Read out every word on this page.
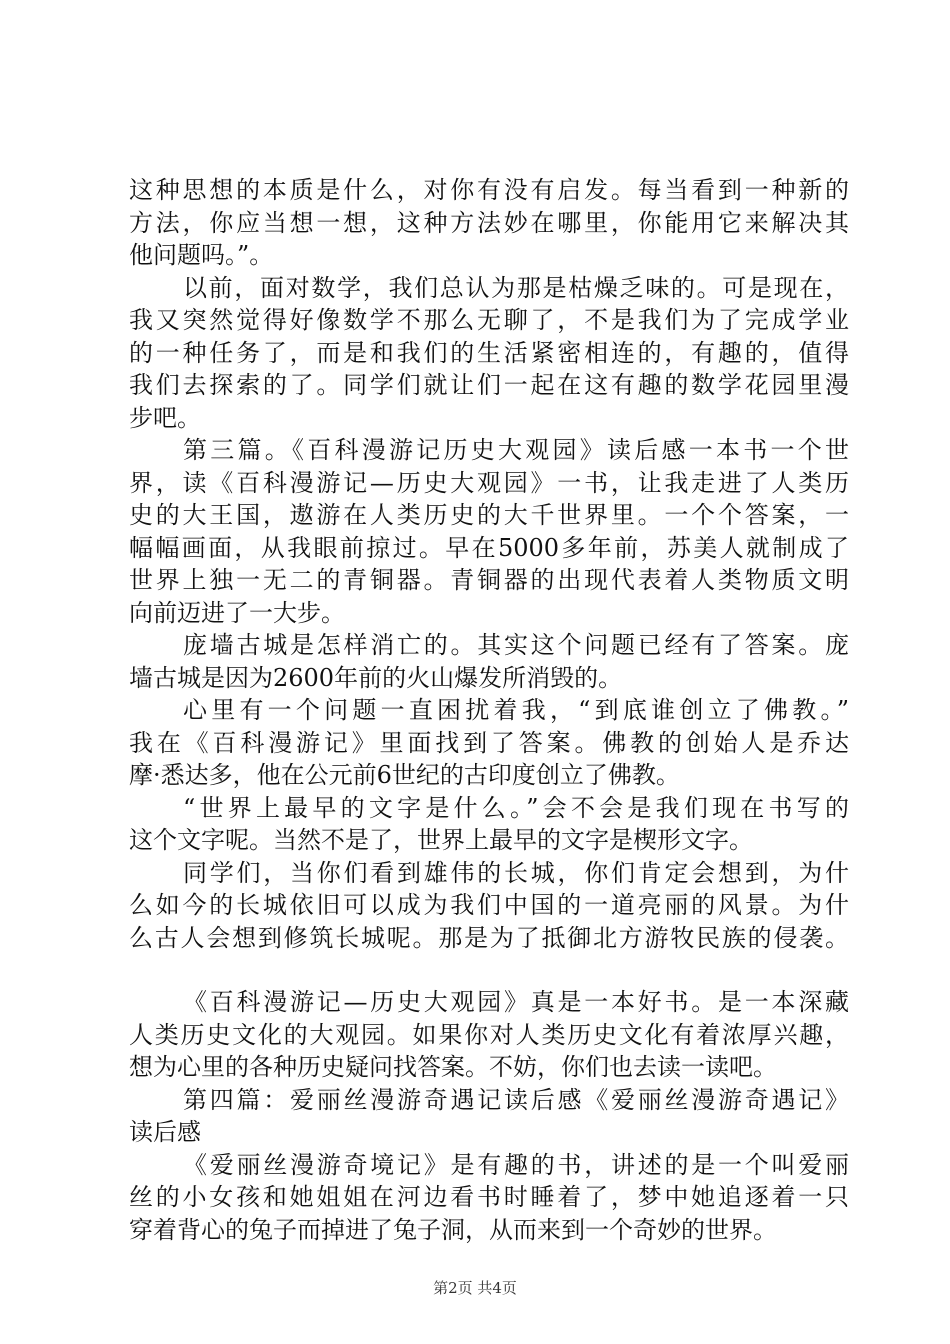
这种思想的本质是什么，对你有没有启发。每当看到一种新的
方法，你应当想一想，这种方法妙在哪里，你能用它来解决其
他问题吗。”。
以前，面对数学，我们总认为那是枯燥乏味的。可是现在，
我又突然觉得好像数学不那么无聊了，不是我们为了完成学业
的一种任务了，而是和我们的生活紧密相连的，有趣的，值得
我们去探索的了。同学们就让们一起在这有趣的数学花园里漫
步吧。
第三篇。《百科漫游记历史大观园》读后感一本书一个世
界，读《百科漫游记—历史大观园》一书，让我走进了人类历
史的大王国，遨游在人类历史的大千世界里。一个个答案，一
幅幅画面，从我眼前掠过。早在5000多年前，苏美人就制成了
世界上独一无二的青铜器。青铜器的出现代表着人类物质文明
向前迈进了一大步。
庞墙古城是怎样消亡的。其实这个问题已经有了答案。庞
墙古城是因为2600年前的火山爆发所消毁的。
心里有一个问题一直困扰着我，“到底谁创立了佛教。”
我在《百科漫游记》里面找到了答案。佛教的创始人是乔达
摩·悉达多，他在公元前6世纪的古印度创立了佛教。
“世界上最早的文字是什么。”会不会是我们现在书写的
这个文字呢。当然不是了，世界上最早的文字是楔形文字。
同学们，当你们看到雄伟的长城，你们肯定会想到，为什
么如今的长城依旧可以成为我们中国的一道亮丽的风景。为什
么古人会想到修筑长城呢。那是为了抵御北方游牧民族的侵袭。
《百科漫游记—历史大观园》真是一本好书。是一本深藏
人类历史文化的大观园。如果你对人类历史文化有着浓厚兴趣，
想为心里的各种历史疑问找答案。不妨，你们也去读一读吧。
第四篇：爱丽丝漫游奇遇记读后感《爱丽丝漫游奇遇记》
读后感
《爱丽丝漫游奇境记》是有趣的书，讲述的是一个叫爱丽
丝的小女孩和她姐姐在河边看书时睡着了，梦中她追逐着一只
穿着背心的兔子而掉进了兔子洞，从而来到一个奇妙的世界。
第2页 共4页
